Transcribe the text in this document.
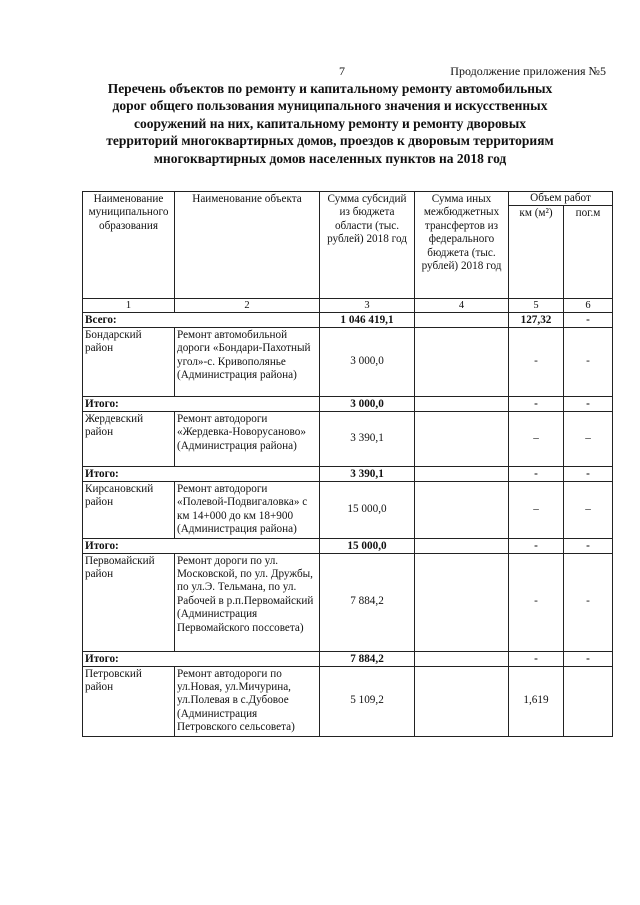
7	Продолжение приложения №5
Перечень объектов по ремонту и капитальному ремонту автомобильных
дорог общего пользования муниципального значения и искусственных
сооружений на них, капитальному ремонту и ремонту дворовых
территорий многоквартирных домов, проездов к дворовым территориям
многоквартирных домов населенных пунктов на 2018 год
Наименование муниципального образования	Наименование объекта	Сумма субсидий из бюджета области (тыс. рублей) 2018 год	Сумма иных межбюджетных трансфертов из федерального бюджета (тыс. рублей) 2018 год	Объем работ	
				км (м²)	пог.м
1	2	3	4	5	6
Всего:		1 046 419,1		127,32	-
Бондарский район	Ремонт автомобильной дороги «Бондари-Пахотный угол»-с. Кривополянье (Администрация района)	3 000,0		-	-
Итого:		3 000,0		-	-
Жердевский район	Ремонт автодороги «Жердевка-Новорусаново» (Администрация района)	3 390,1		–	–
Итого:		3 390,1		-	-
Кирсановский район	Ремонт автодороги «Полевой-Подвигаловка» с км 14+000 до км 18+900 (Администрация района)	15 000,0		–	–
Итого:		15 000,0		-	-
Первомайский район	Ремонт дороги по ул. Московской, по ул. Дружбы, по ул.Э. Тельмана, по ул. Рабочей в р.п.Первомайский (Администрация Первомайского поссовета)	7 884,2		-	-
Итого:		7 884,2		-	-
Петровский район	Ремонт автодороги по ул.Новая, ул.Мичурина, ул.Полевая в с.Дубовое (Администрация Петровского сельсовета)	5 109,2		1,619	
